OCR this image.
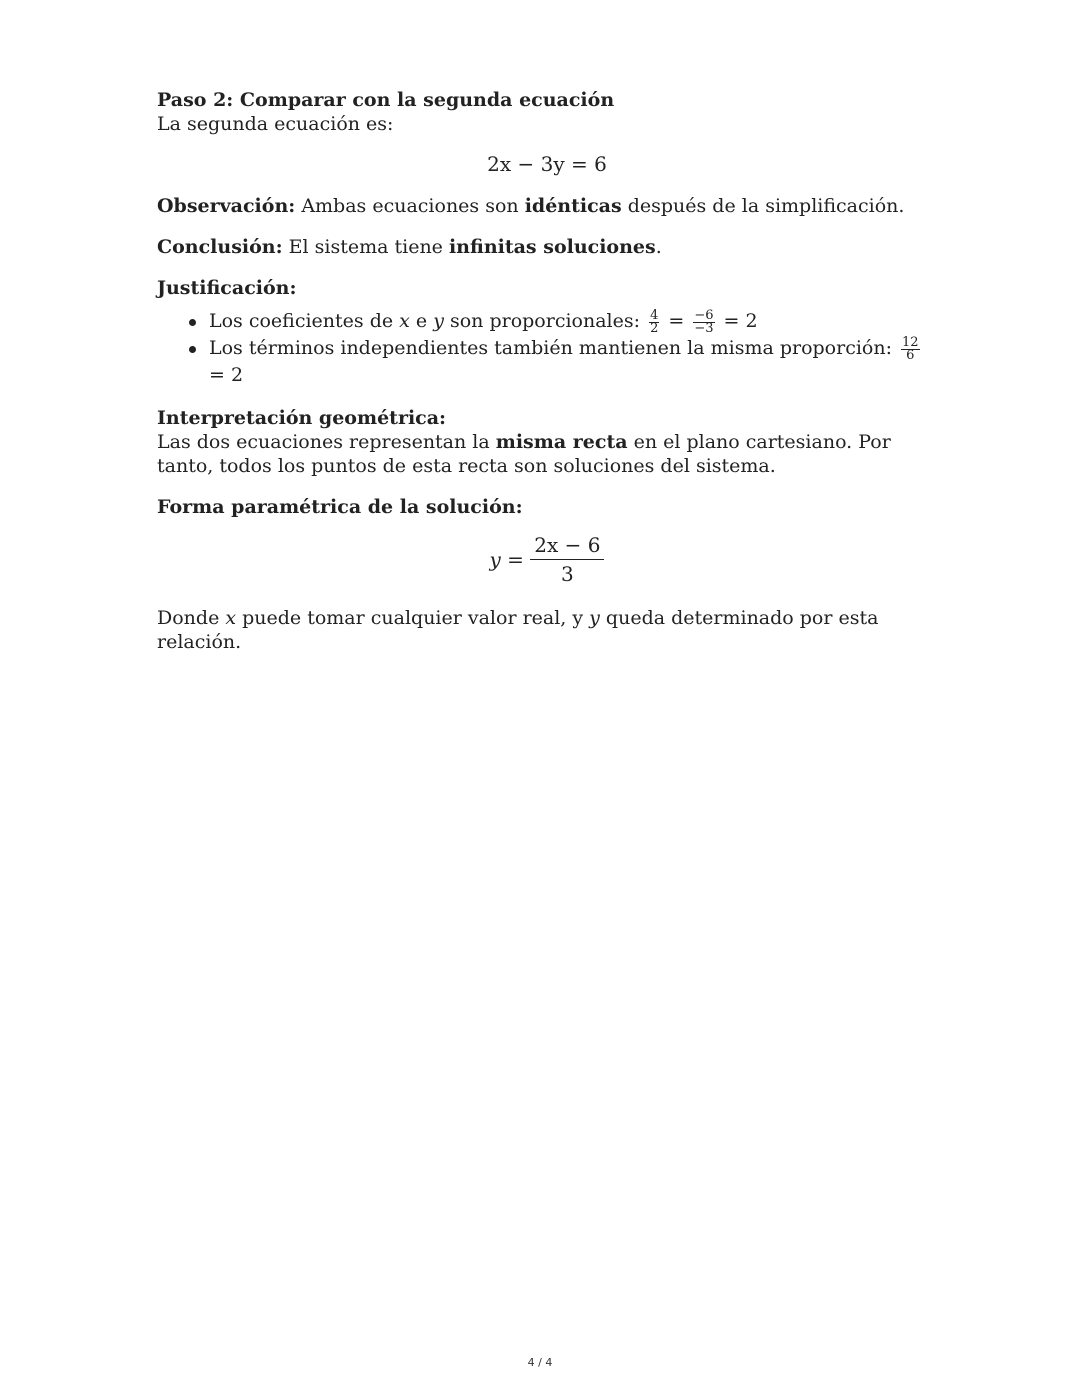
Paso 2: Comparar con la segunda ecuación

La segunda ecuación es:

2x − 3y = 6

Observación: Ambas ecuaciones son idénticas después de la simplificación.

Conclusión: El sistema tiene infinitas soluciones.

Justificación:

Los coeficientes de x e y son proporcionales: $\frac{4}{2} = \frac{-6}{-3} = 2$
Los términos independientes también mantienen la misma proporción: $\frac{12}{6}$
= 2

Interpretación geométrica:

Las dos ecuaciones representan la misma recta en el plano cartesiano. Por tanto, todos los puntos de esta recta son soluciones del sistema.

Forma paramétrica de la solución:

$y = \frac{2x - 6}{3}$

Donde x puede tomar cualquier valor real, y y queda determinado por esta relación.

4 / 4
